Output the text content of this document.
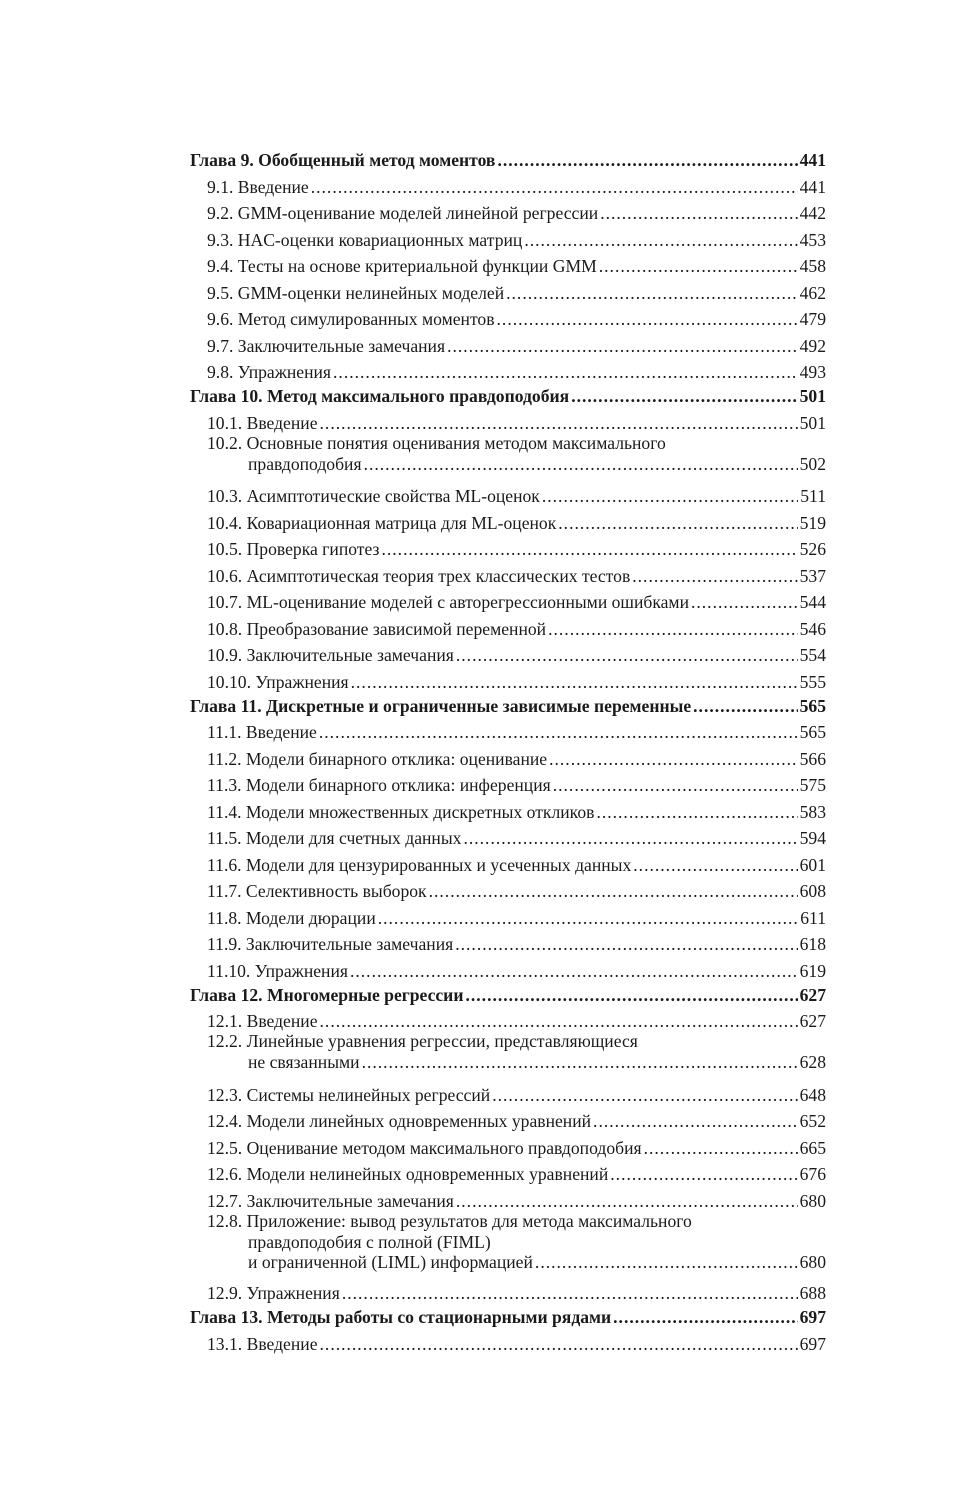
Глава 9. Обобщенный метод моментов .....	441
9.1. Введение .....	441
9.2. GMM-оценивание моделей линейной регрессии .....	442
9.3. HAC-оценки ковариационных матриц .....	453
9.4. Тесты на основе критериальной функции GMM .....	458
9.5. GMM-оценки нелинейных моделей .....	462
9.6. Метод симулированных моментов .....	479
9.7. Заключительные замечания .....	492
9.8. Упражнения .....	493
Глава 10. Метод максимального правдоподобия .....	501
10.1. Введение .....	501
10.2. Основные понятия оценивания методом максимального
правдоподобия .....	502
10.3. Асимптотические свойства ML-оценок .....	511
10.4. Ковариационная матрица для ML-оценок .....	519
10.5. Проверка гипотез .....	526
10.6. Асимптотическая теория трех классических тестов .....	537
10.7. ML-оценивание моделей с авторегрессионными ошибками .....	544
10.8. Преобразование зависимой переменной .....	546
10.9. Заключительные замечания .....	554
10.10. Упражнения .....	555
Глава 11. Дискретные и ограниченные зависимые переменные .....	565
11.1. Введение .....	565
11.2. Модели бинарного отклика: оценивание .....	566
11.3. Модели бинарного отклика: инференция .....	575
11.4. Модели множественных дискретных откликов .....	583
11.5. Модели для счетных данных .....	594
11.6. Модели для цензурированных и усеченных данных .....	601
11.7. Селективность выборок .....	608
11.8. Модели дюрации .....	611
11.9. Заключительные замечания .....	618
11.10. Упражнения .....	619
Глава 12. Многомерные регрессии .....	627
12.1. Введение .....	627
12.2. Линейные уравнения регрессии, представляющиеся
не связанными .....	628
12.3. Системы нелинейных регрессий .....	648
12.4. Модели линейных одновременных уравнений .....	652
12.5. Оценивание методом максимального правдоподобия .....	665
12.6. Модели нелинейных одновременных уравнений .....	676
12.7. Заключительные замечания .....	680
12.8. Приложение: вывод результатов для метода максимального
правдоподобия с полной (FIML)
и ограниченной (LIML) информацией .....	680
12.9. Упражнения .....	688
Глава 13. Методы работы со стационарными рядами .....	697
13.1. Введение .....	697
